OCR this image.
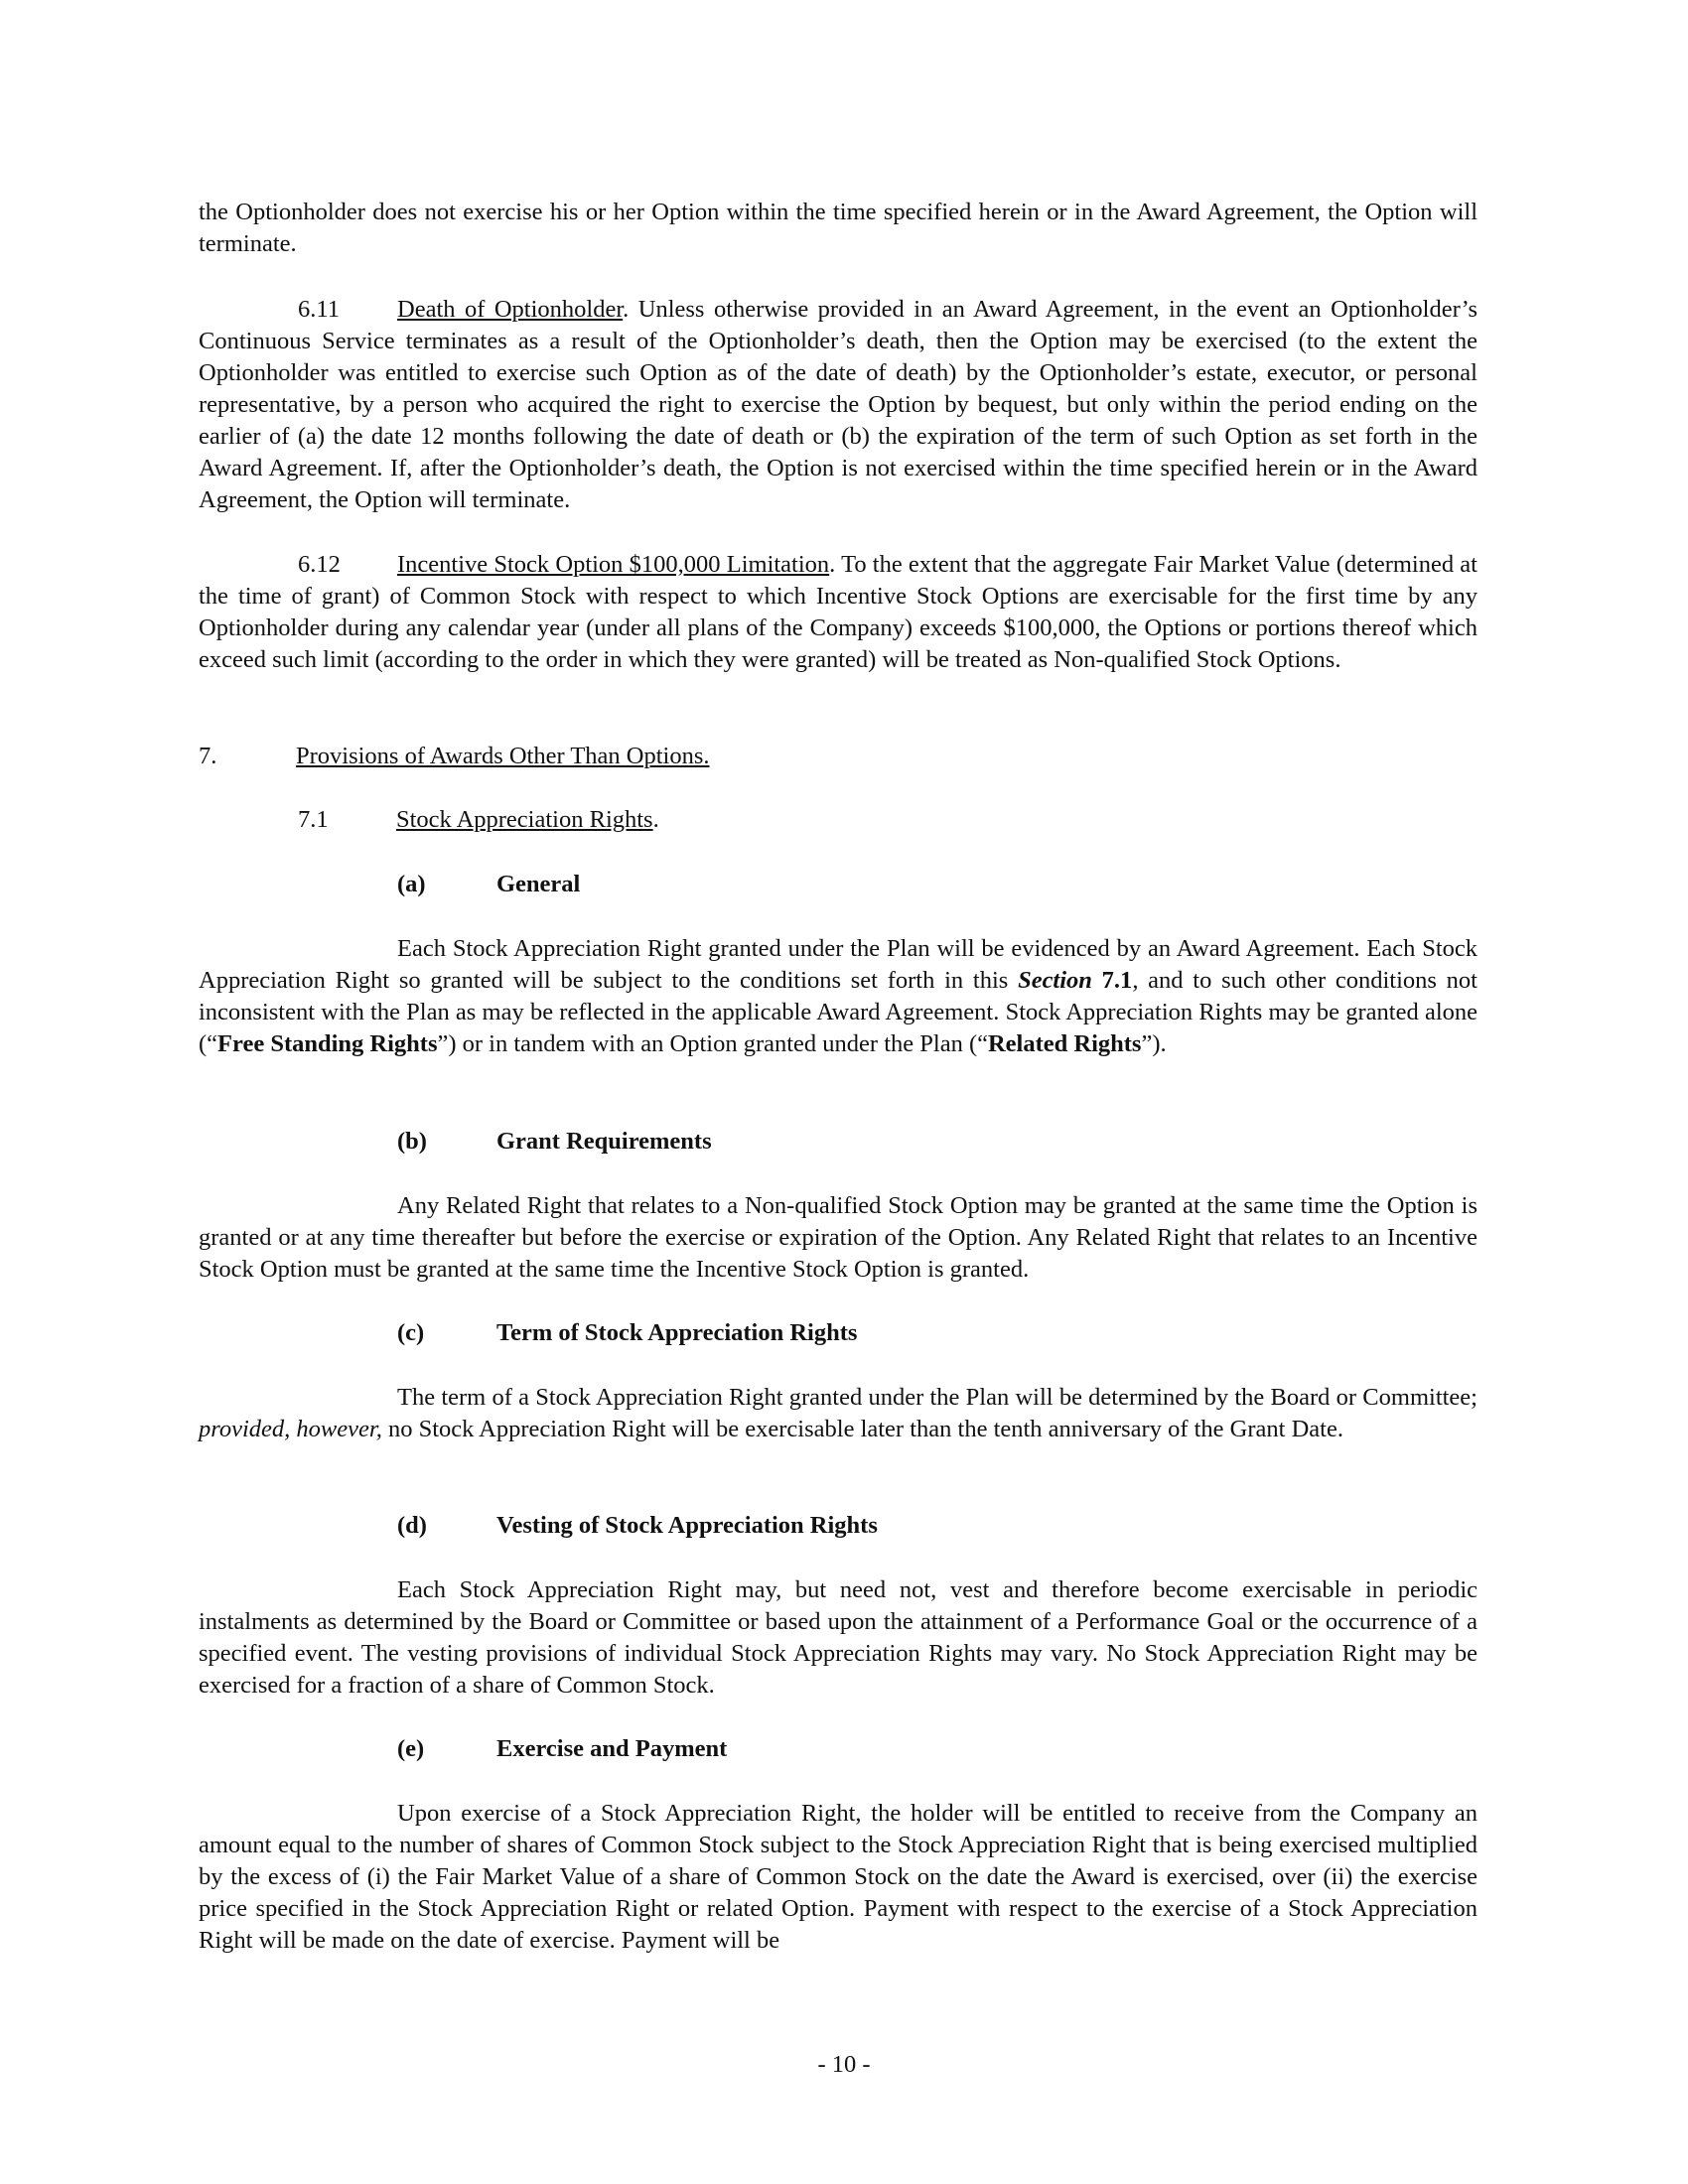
the Optionholder does not exercise his or her Option within the time specified herein or in the Award Agreement, the Option will terminate.

6.11 Death of Optionholder. Unless otherwise provided in an Award Agreement, in the event an Optionholder’s Continuous Service terminates as a result of the Optionholder’s death, then the Option may be exercised (to the extent the Optionholder was entitled to exercise such Option as of the date of death) by the Optionholder’s estate, executor, or personal representative, by a person who acquired the right to exercise the Option by bequest, but only within the period ending on the earlier of (a) the date 12 months following the date of death or (b) the expiration of the term of such Option as set forth in the Award Agreement. If, after the Optionholder’s death, the Option is not exercised within the time specified herein or in the Award Agreement, the Option will terminate.

6.12 Incentive Stock Option $100,000 Limitation. To the extent that the aggregate Fair Market Value (determined at the time of grant) of Common Stock with respect to which Incentive Stock Options are exercisable for the first time by any Optionholder during any calendar year (under all plans of the Company) exceeds $100,000, the Options or portions thereof which exceed such limit (according to the order in which they were granted) will be treated as Non-qualified Stock Options.

7.	Provisions of Awards Other Than Options.

7.1	Stock Appreciation Rights.

(a)	General

Each Stock Appreciation Right granted under the Plan will be evidenced by an Award Agreement. Each Stock Appreciation Right so granted will be subject to the conditions set forth in this Section 7.1, and to such other conditions not inconsistent with the Plan as may be reflected in the applicable Award Agreement. Stock Appreciation Rights may be granted alone (“Free Standing Rights”) or in tandem with an Option granted under the Plan (“Related Rights”).

(b)	Grant Requirements

Any Related Right that relates to a Non-qualified Stock Option may be granted at the same time the Option is granted or at any time thereafter but before the exercise or expiration of the Option. Any Related Right that relates to an Incentive Stock Option must be granted at the same time the Incentive Stock Option is granted.

(c)	Term of Stock Appreciation Rights

The term of a Stock Appreciation Right granted under the Plan will be determined by the Board or Committee; provided, however, no Stock Appreciation Right will be exercisable later than the tenth anniversary of the Grant Date.

(d)	Vesting of Stock Appreciation Rights

Each Stock Appreciation Right may, but need not, vest and therefore become exercisable in periodic instalments as determined by the Board or Committee or based upon the attainment of a Performance Goal or the occurrence of a specified event. The vesting provisions of individual Stock Appreciation Rights may vary. No Stock Appreciation Right may be exercised for a fraction of a share of Common Stock.

(e)	Exercise and Payment

Upon exercise of a Stock Appreciation Right, the holder will be entitled to receive from the Company an amount equal to the number of shares of Common Stock subject to the Stock Appreciation Right that is being exercised multiplied by the excess of (i) the Fair Market Value of a share of Common Stock on the date the Award is exercised, over (ii) the exercise price specified in the Stock Appreciation Right or related Option. Payment with respect to the exercise of a Stock Appreciation Right will be made on the date of exercise. Payment will be

- 10 -
